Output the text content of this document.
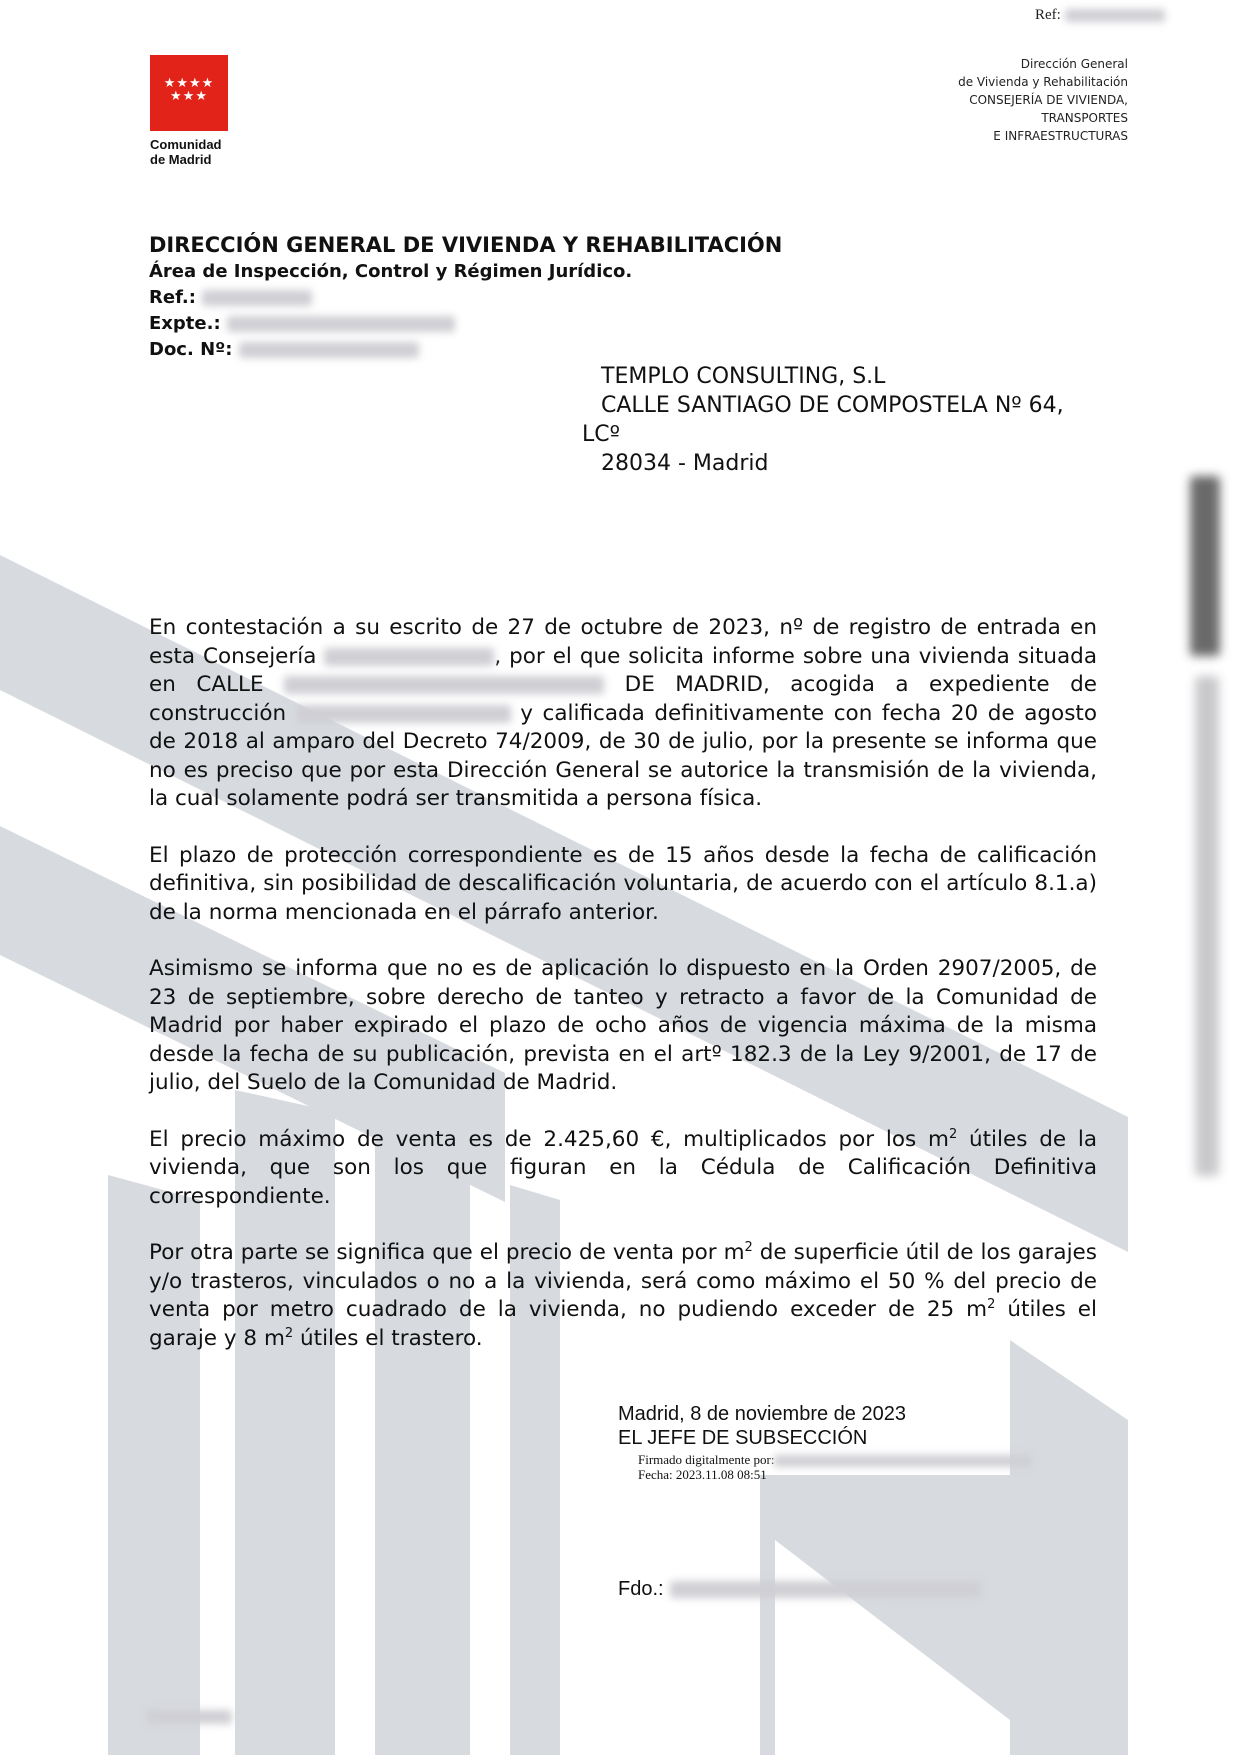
Ref:
★★★★
★★★
Comunidad
de Madrid
Dirección General
de Vivienda y Rehabilitación
CONSEJERÍA DE VIVIENDA,
TRANSPORTES
E INFRAESTRUCTURAS
DIRECCIÓN GENERAL DE VIVIENDA Y REHABILITACIÓN
Área de Inspección, Control y Régimen Jurídico.
Ref.:
Expte.:
Doc. Nº:
TEMPLO CONSULTING, S.L
CALLE SANTIAGO DE COMPOSTELA Nº 64,
LCº
28034 - Madrid

En contestación a su escrito de 27 de octubre de 2023, nº de registro de entrada en esta Consejería	, por el que solicita informe sobre una vivienda situada en CALLE	DE MADRID, acogida a expediente de construcción	y calificada definitivamente con fecha 20 de agosto de 2018 al amparo del Decreto 74/2009, de 30 de julio, por la presente se informa que no es preciso que por esta Dirección General se autorice la transmisión de la vivienda, la cual solamente podrá ser transmitida a persona física.

El plazo de protección correspondiente es de 15 años desde la fecha de calificación definitiva, sin posibilidad de descalificación voluntaria, de acuerdo con el artículo 8.1.a) de la norma mencionada en el párrafo anterior.

Asimismo se informa que no es de aplicación lo dispuesto en la Orden 2907/2005, de 23 de septiembre, sobre derecho de tanteo y retracto a favor de la Comunidad de Madrid por haber expirado el plazo de ocho años de vigencia máxima de la misma desde la fecha de su publicación, prevista en el artº 182.3 de la Ley 9/2001, de 17 de julio, del Suelo de la Comunidad de Madrid.

El precio máximo de venta es de 2.425,60 €, multiplicados por los $m^2$ útiles de la vivienda, que son los que figuran en la Cédula de Calificación Definitiva correspondiente.

Por otra parte se significa que el precio de venta por $m^2$ de superficie útil de los garajes y/o trasteros, vinculados o no a la vivienda, será como máximo el 50 % del precio de venta por metro cuadrado de la vivienda, no pudiendo exceder de 25 $m^2$ útiles el garaje y 8 $m^2$ útiles el trastero.

Madrid, 8 de noviembre de 2023
EL JEFE DE SUBSECCIÓN
Firmado digitalmente por:
Fecha: 2023.11.08 08:51
Fdo.:
